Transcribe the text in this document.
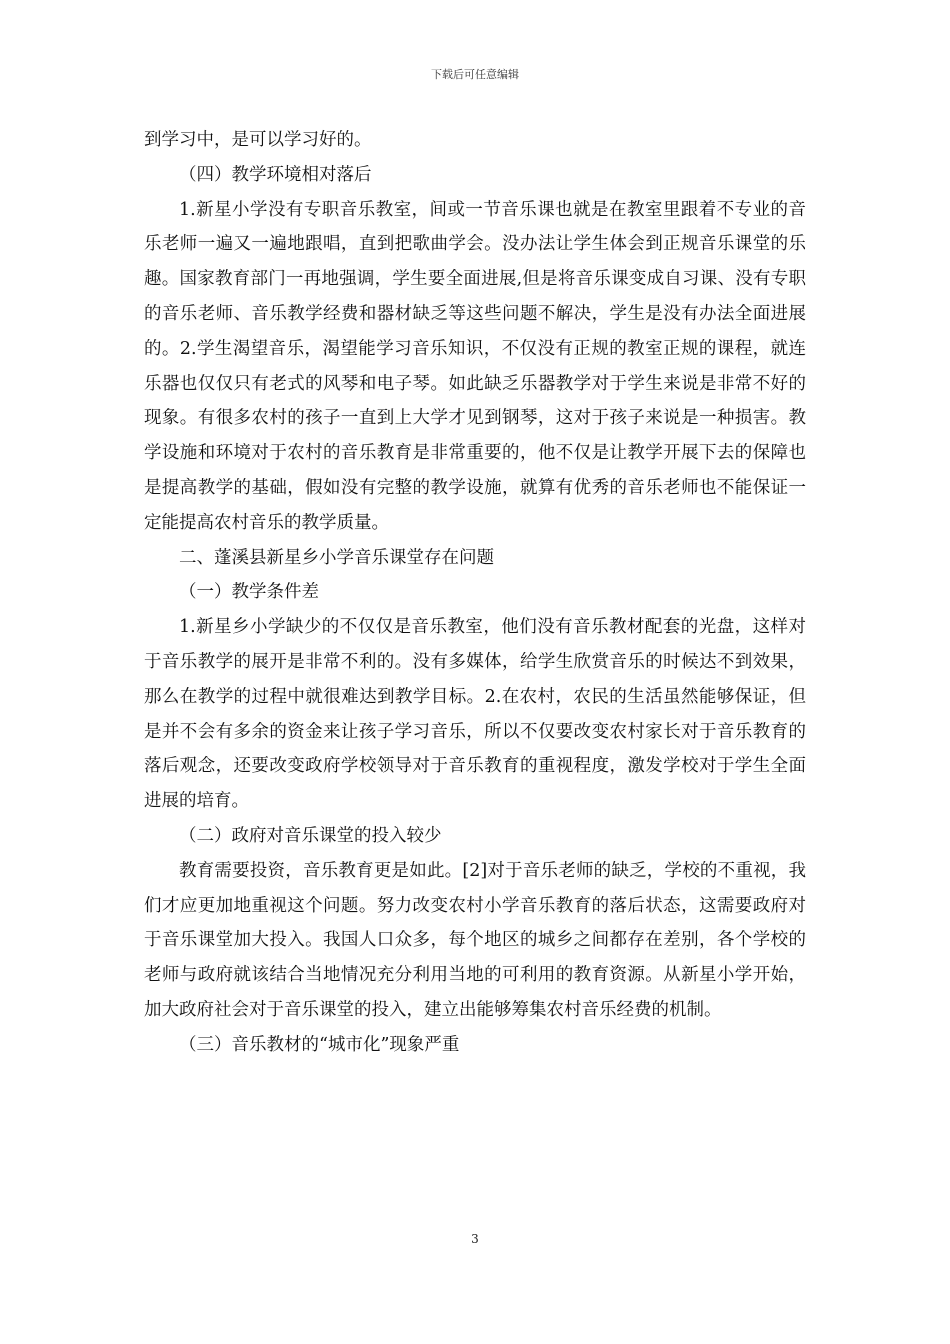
下载后可任意编辑

到学习中，是可以学习好的。

（四）教学环境相对落后

1.新星小学没有专职音乐教室，间或一节音乐课也就是在教室里跟着不专业的音乐老师一遍又一遍地跟唱，直到把歌曲学会。没办法让学生体会到正规音乐课堂的乐趣。国家教育部门一再地强调，学生要全面进展,但是将音乐课变成自习课、没有专职的音乐老师、音乐教学经费和器材缺乏等这些问题不解决，学生是没有办法全面进展的。2.学生渴望音乐，渴望能学习音乐知识，不仅没有正规的教室正规的课程，就连乐器也仅仅只有老式的风琴和电子琴。如此缺乏乐器教学对于学生来说是非常不好的现象。有很多农村的孩子一直到上大学才见到钢琴，这对于孩子来说是一种损害。教学设施和环境对于农村的音乐教育是非常重要的，他不仅是让教学开展下去的保障也是提高教学的基础，假如没有完整的教学设施，就算有优秀的音乐老师也不能保证一定能提高农村音乐的教学质量。

二、蓬溪县新星乡小学音乐课堂存在问题

（一）教学条件差

1.新星乡小学缺少的不仅仅是音乐教室，他们没有音乐教材配套的光盘，这样对于音乐教学的展开是非常不利的。没有多媒体，给学生欣赏音乐的时候达不到效果，那么在教学的过程中就很难达到教学目标。2.在农村，农民的生活虽然能够保证，但是并不会有多余的资金来让孩子学习音乐，所以不仅要改变农村家长对于音乐教育的落后观念，还要改变政府学校领导对于音乐教育的重视程度，激发学校对于学生全面进展的培育。

（二）政府对音乐课堂的投入较少

教育需要投资，音乐教育更是如此。[2]对于音乐老师的缺乏，学校的不重视，我们才应更加地重视这个问题。努力改变农村小学音乐教育的落后状态，这需要政府对于音乐课堂加大投入。我国人口众多，每个地区的城乡之间都存在差别，各个学校的老师与政府就该结合当地情况充分利用当地的可利用的教育资源。从新星小学开始，加大政府社会对于音乐课堂的投入，建立出能够筹集农村音乐经费的机制。

（三）音乐教材的“城市化”现象严重

3
